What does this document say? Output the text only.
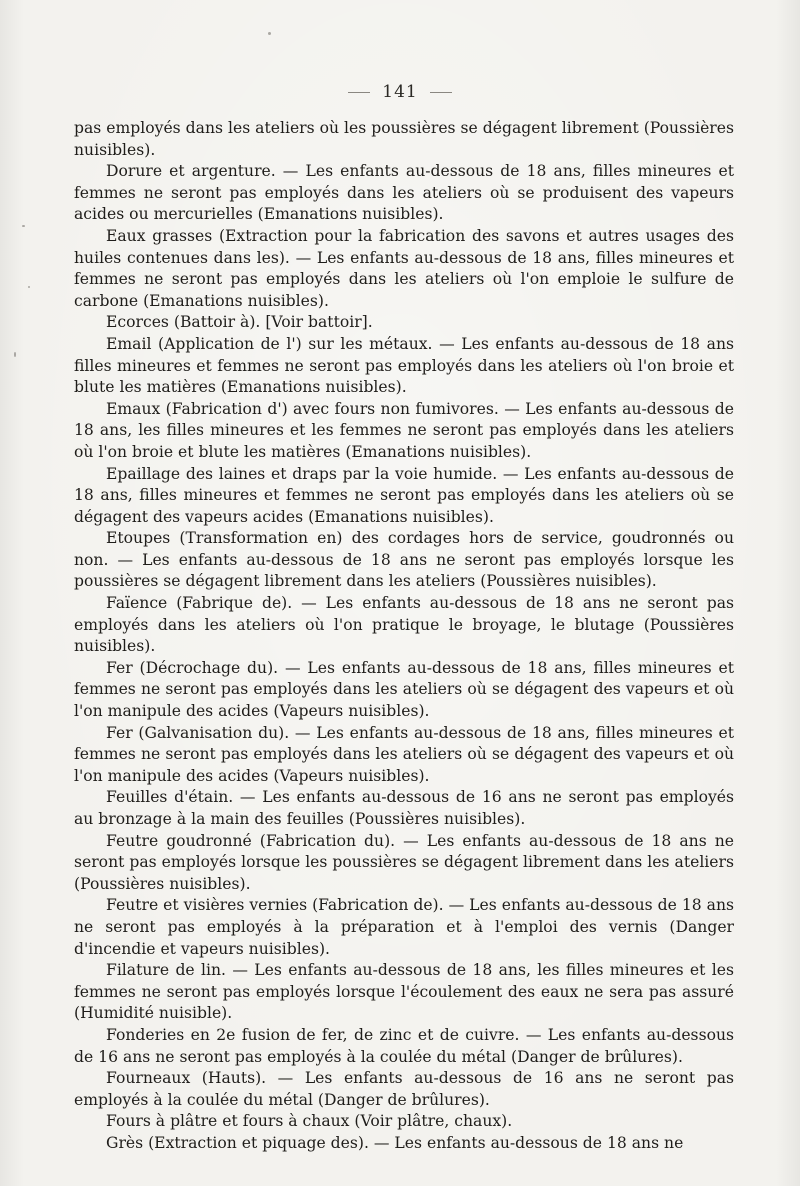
141

pas employés dans les ateliers où les poussières se dégagent librement (Poussières nuisibles).

Dorure et argenture. — Les enfants au-dessous de 18 ans, filles mineures et femmes ne seront pas employés dans les ateliers où se produisent des vapeurs acides ou mercurielles (Emanations nuisibles).

Eaux grasses (Extraction pour la fabrication des savons et autres usages des huiles contenues dans les). — Les enfants au-dessous de 18 ans, filles mineures et femmes ne seront pas employés dans les ateliers où l'on emploie le sulfure de carbone (Emanations nuisibles).

Ecorces (Battoir à). [Voir battoir].

Email (Application de l') sur les métaux. — Les enfants au-dessous de 18 ans filles mineures et femmes ne seront pas employés dans les ateliers où l'on broie et blute les matières (Emanations nuisibles).

Emaux (Fabrication d') avec fours non fumivores. — Les enfants au-dessous de 18 ans, les filles mineures et les femmes ne seront pas employés dans les ateliers où l'on broie et blute les matières (Emanations nuisibles).

Epaillage des laines et draps par la voie humide. — Les enfants au-dessous de 18 ans, filles mineures et femmes ne seront pas employés dans les ateliers où se dégagent des vapeurs acides (Emanations nuisibles).

Etoupes (Transformation en) des cordages hors de service, goudronnés ou non. — Les enfants au-dessous de 18 ans ne seront pas employés lorsque les poussières se dégagent librement dans les ateliers (Poussières nuisibles).

Faïence (Fabrique de). — Les enfants au-dessous de 18 ans ne seront pas employés dans les ateliers où l'on pratique le broyage, le blutage (Poussières nuisibles).

Fer (Décrochage du). — Les enfants au-dessous de 18 ans, filles mineures et femmes ne seront pas employés dans les ateliers où se dégagent des vapeurs et où l'on manipule des acides (Vapeurs nuisibles).

Fer (Galvanisation du). — Les enfants au-dessous de 18 ans, filles mineures et femmes ne seront pas employés dans les ateliers où se dégagent des vapeurs et où l'on manipule des acides (Vapeurs nuisibles).

Feuilles d'étain. — Les enfants au-dessous de 16 ans ne seront pas employés au bronzage à la main des feuilles (Poussières nuisibles).

Feutre goudronné (Fabrication du). — Les enfants au-dessous de 18 ans ne seront pas employés lorsque les poussières se dégagent librement dans les ateliers (Poussières nuisibles).

Feutre et visières vernies (Fabrication de). — Les enfants au-dessous de 18 ans ne seront pas employés à la préparation et à l'emploi des vernis (Danger d'incendie et vapeurs nuisibles).

Filature de lin. — Les enfants au-dessous de 18 ans, les filles mineures et les femmes ne seront pas employés lorsque l'écoulement des eaux ne sera pas assuré (Humidité nuisible).

Fonderies en 2e fusion de fer, de zinc et de cuivre. — Les enfants au-dessous de 16 ans ne seront pas employés à la coulée du métal (Danger de brûlures).

Fourneaux (Hauts). — Les enfants au-dessous de 16 ans ne seront pas employés à la coulée du métal (Danger de brûlures).

Fours à plâtre et fours à chaux (Voir plâtre, chaux).

Grès (Extraction et piquage des). — Les enfants au-dessous de 18 ans ne
